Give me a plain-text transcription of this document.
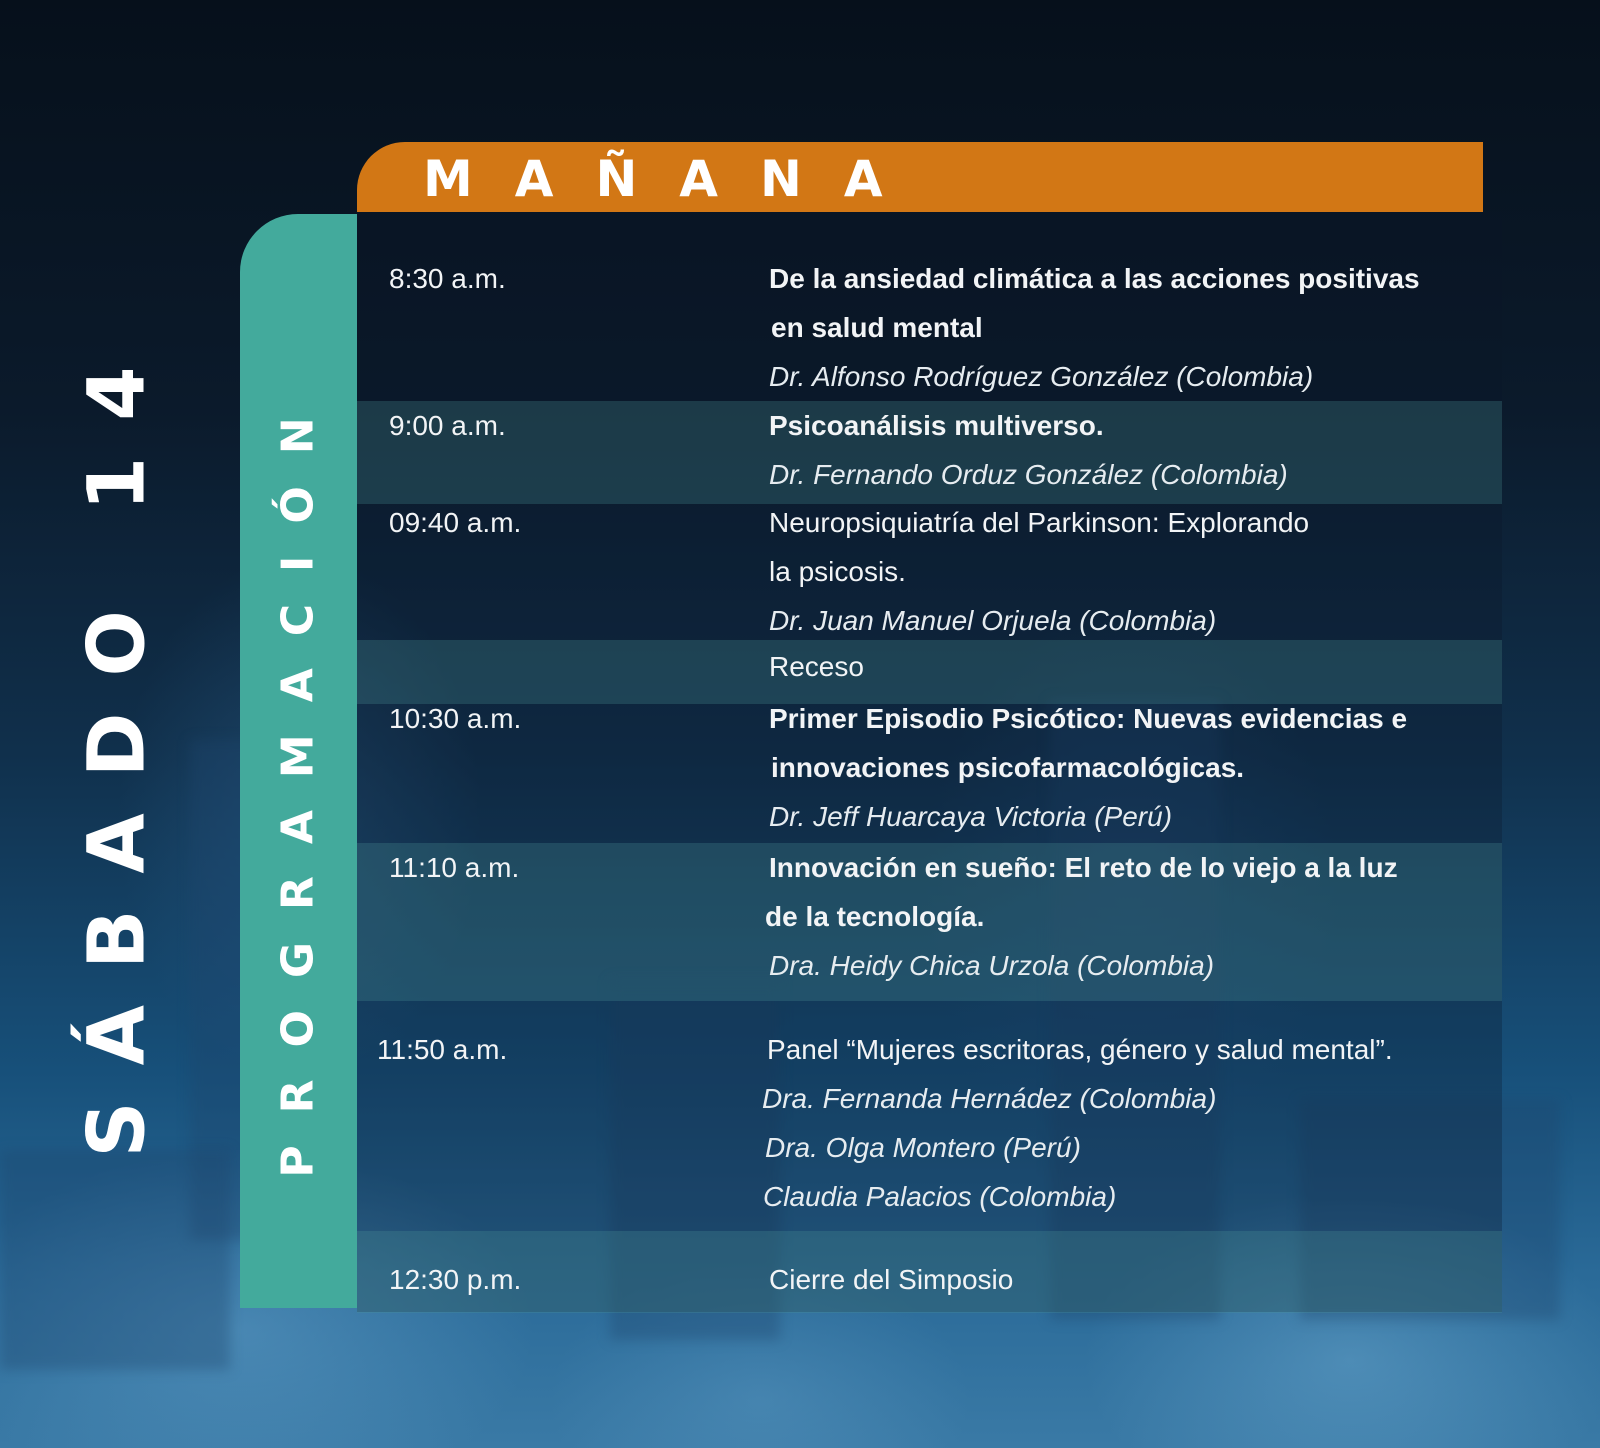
SÁBADO 14	PROGRAMACIÓN
MAÑANA
8:30 a.m.	De la ansiedad climática a las acciones positivas
en salud mental
Dr. Alfonso Rodríguez González (Colombia)
9:00 a.m.	Psicoanálisis multiverso.
Dr. Fernando Orduz González (Colombia)
09:40 a.m.	Neuropsiquiatría del Parkinson: Explorando
la psicosis.
Dr. Juan Manuel Orjuela (Colombia)
Receso
10:30 a.m.	Primer Episodio Psicótico: Nuevas evidencias e
innovaciones psicofarmacológicas.
Dr. Jeff Huarcaya Victoria (Perú)
11:10 a.m.	Innovación en sueño: El reto de lo viejo a la luz
de la tecnología.
Dra. Heidy Chica Urzola (Colombia)
11:50 a.m.	Panel “Mujeres escritoras, género y salud mental”.
Dra. Fernanda Hernádez (Colombia)
Dra. Olga Montero (Perú)
Claudia Palacios (Colombia)
12:30 p.m.	Cierre del Simposio
